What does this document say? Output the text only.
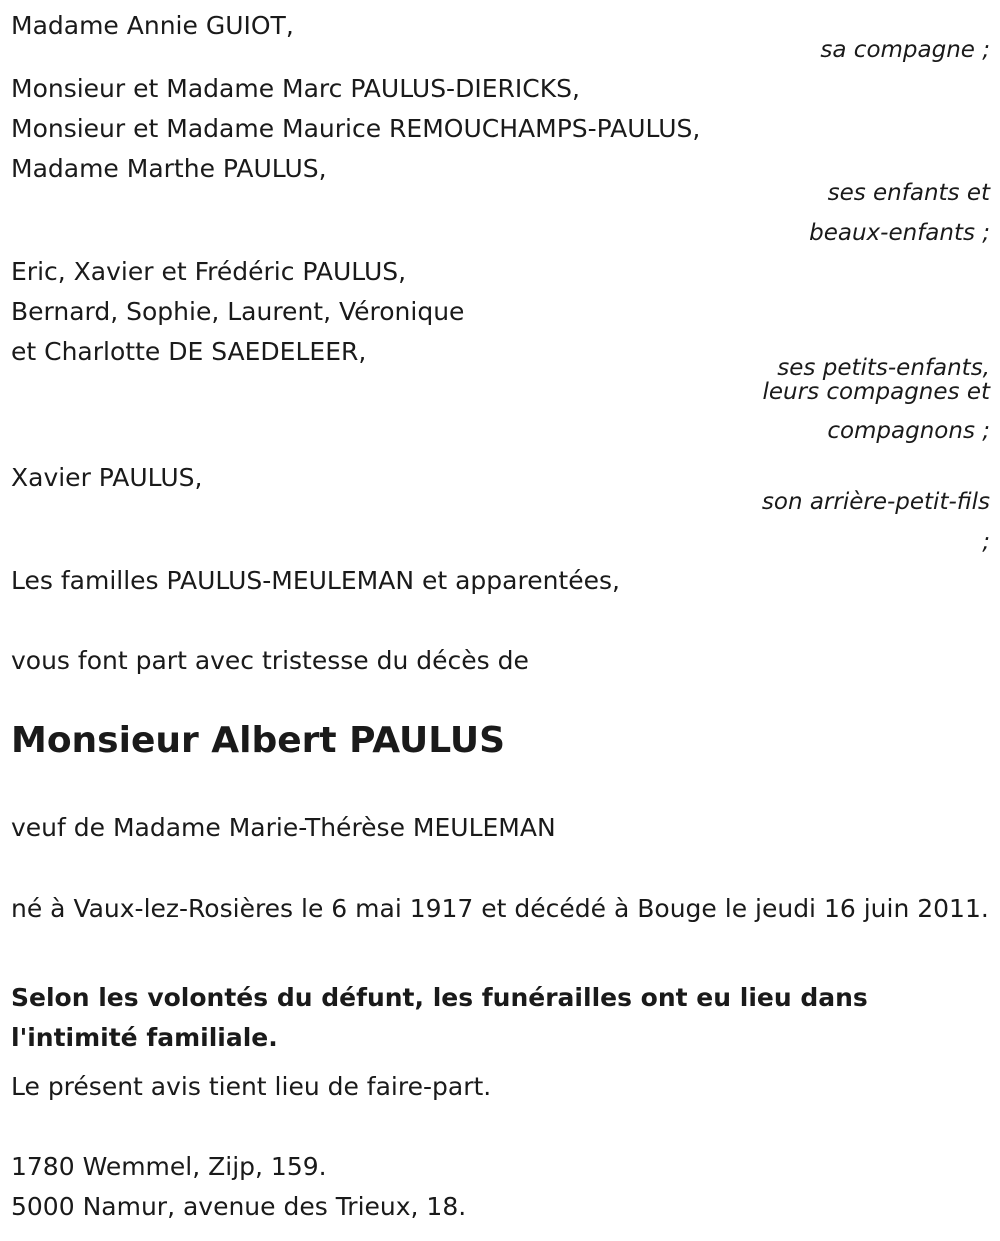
Madame Annie GUIOT,
sa compagne ;
Monsieur et Madame Marc PAULUS-DIERICKS,
Monsieur et Madame Maurice REMOUCHAMPS-PAULUS,
Madame Marthe PAULUS,
ses enfants et
beaux-enfants ;
Eric, Xavier et Frédéric PAULUS,
Bernard, Sophie, Laurent, Véronique
et Charlotte DE SAEDELEER,
ses petits-enfants,
leurs compagnes et
compagnons ;
Xavier PAULUS,
son arrière-petit-fils
;
Les familles PAULUS-MEULEMAN et apparentées,
vous font part avec tristesse du décès de
Monsieur Albert PAULUS
veuf de Madame Marie-Thérèse MEULEMAN
né à Vaux-lez-Rosières le 6 mai 1917 et décédé à Bouge le jeudi 16 juin 2011.
Selon les volontés du défunt, les funérailles ont eu lieu dans l'intimité familiale.
Le présent avis tient lieu de faire-part.
1780 Wemmel, Zijp, 159.
5000 Namur, avenue des Trieux, 18.
